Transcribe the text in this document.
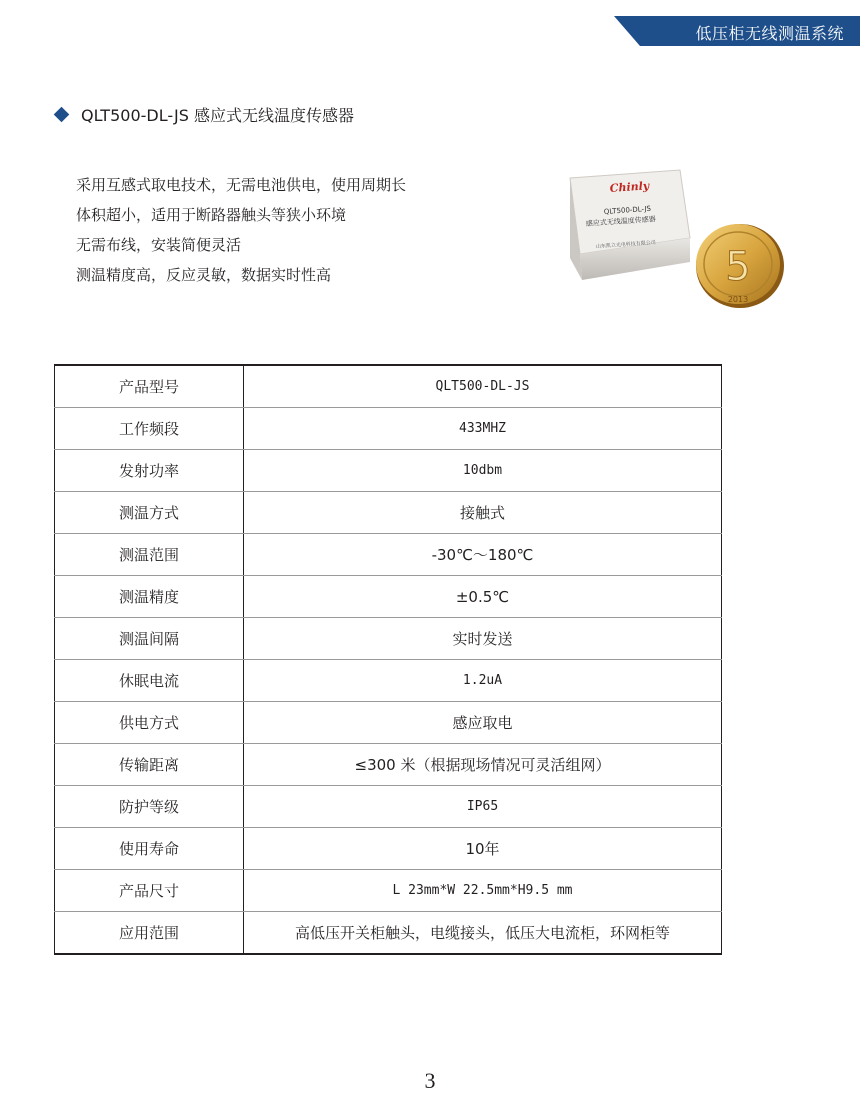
低压柜无线测温系统
QLT500-DL-JS 感应式无线温度传感器
采用互感式取电技术，无需电池供电，使用周期长
体积超小，适用于断路器触头等狭小环境
无需布线，安装简便灵活
测温精度高，反应灵敏，数据实时性高	5
2013
Chinly
QLT500-DL-JS
感应式无线温度传感器
山东凯立光电科技有限公司
产品型号	QLT500-DL-JS
工作频段	433MHZ
发射功率	10dbm
测温方式	接触式
测温范围	-30℃～180℃
测温精度	±0.5℃
测温间隔	实时发送
休眠电流	1.2uA
供电方式	感应取电
传输距离	≤300 米（根据现场情况可灵活组网）
防护等级	IP65
使用寿命	10年
产品尺寸	L 23mm*W 22.5mm*H9.5 mm
应用范围	高低压开关柜触头，电缆接头，低压大电流柜，环网柜等
3
